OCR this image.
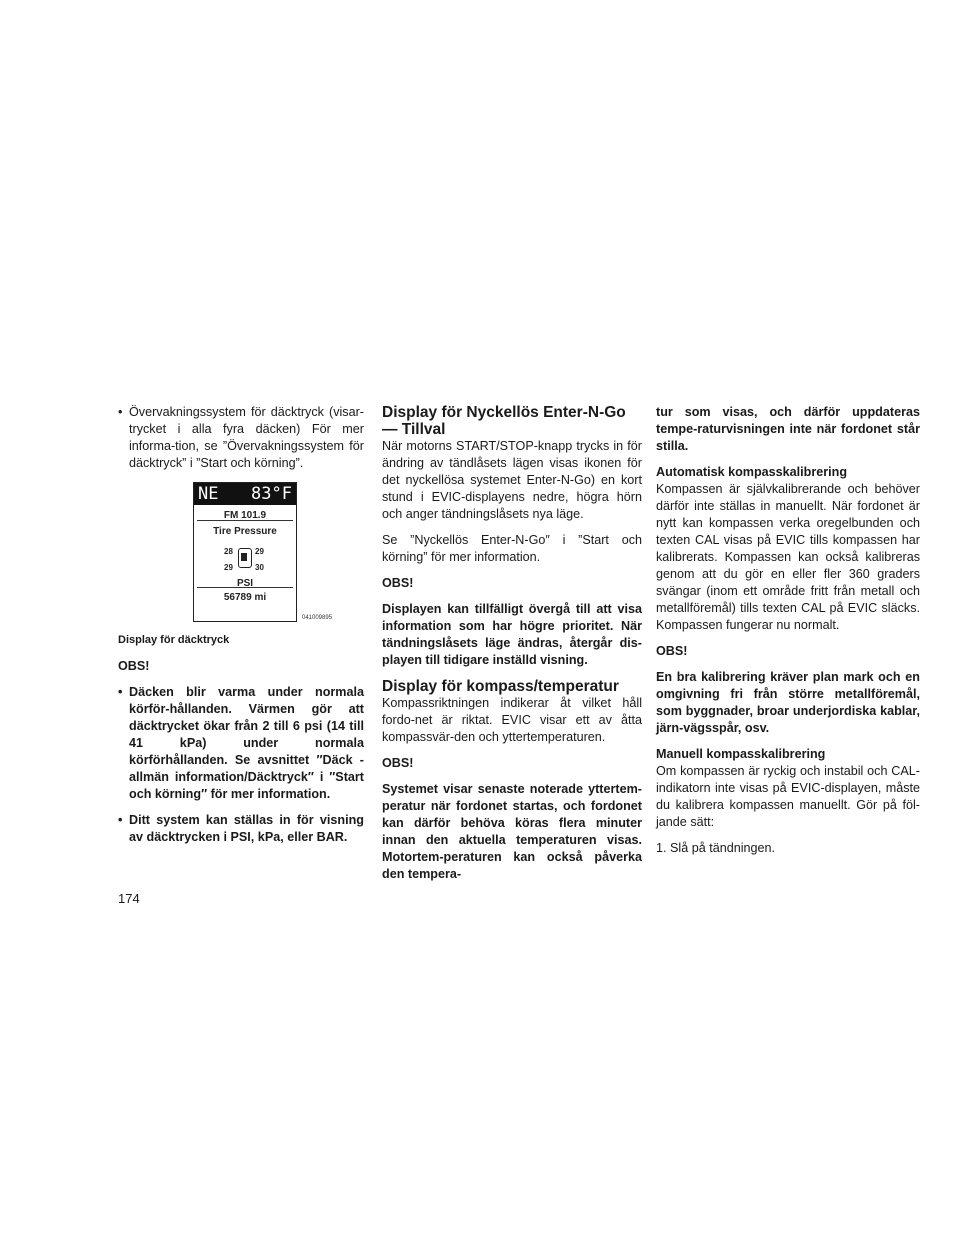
• Övervakningssystem för däcktryck (visar-trycket i alla fyra däcken) För mer informa-tion, se ”Övervakningssystem för däcktryck” i ”Start och körning”.
NE 83°F
FM 101.9
Tire Pressure
28	29
29	30
PSI
56789 mi
041009895

Display för däcktryck

OBS!

• Däcken blir varma under normala körför-hållanden. Värmen gör att däcktrycket ökar från 2 till 6 psi (14 till 41 kPa) under normala körförhållanden. Se avsnittet ″Däck - allmän information/Däcktryck″ i ″Start och körning″ för mer information.
• Ditt system kan ställas in för visning av däcktrycken i PSI, kPa, eller BAR.
Display för Nyckellös Enter-N-Go — Tillval

När motorns START/STOP-knapp trycks in för ändring av tändlåsets lägen visas ikonen för det nyckellösa systemet Enter-N-Go) en kort stund i EVIC-displayens nedre, högra hörn och anger tändningslåsets nya läge.

Se ”Nyckellös Enter-N-Go″ i ”Start och körning” för mer information.

OBS!

Displayen kan tillfälligt övergå till att visa information som har högre prioritet. När tändningslåsets läge ändras, återgår dis-playen till tidigare inställd visning.

Display för kompass/temperatur

Kompassriktningen indikerar åt vilket håll fordo-net är riktat. EVIC visar ett av åtta kompassvär-den och yttertemperaturen.

OBS!

Systemet visar senaste noterade yttertem-peratur när fordonet startas, och fordonet kan därför behöva köras flera minuter innan den aktuella temperaturen visas. Motortem-peraturen kan också påverka den tempera-

tur som visas, och därför uppdateras tempe-raturvisningen inte när fordonet står stilla.

Automatisk kompasskalibrering

Kompassen är självkalibrerande och behöver därför inte ställas in manuellt. När fordonet är nytt kan kompassen verka oregelbunden och texten CAL visas på EVIC tills kompassen har kalibrerats. Kompassen kan också kalibreras genom att du gör en eller fler 360 graders svängar (inom ett område fritt från metall och metallföremål) tills texten CAL på EVIC släcks. Kompassen fungerar nu normalt.

OBS!

En bra kalibrering kräver plan mark och en omgivning fri från större metallföremål, som byggnader, broar underjordiska kablar, järn-vägsspår, osv.

Manuell kompasskalibrering

Om kompassen är ryckig och instabil och CAL-indikatorn inte visas på EVIC-displayen, måste du kalibrera kompassen manuellt. Gör på föl-jande sätt:

1. Slå på tändningen.
174
